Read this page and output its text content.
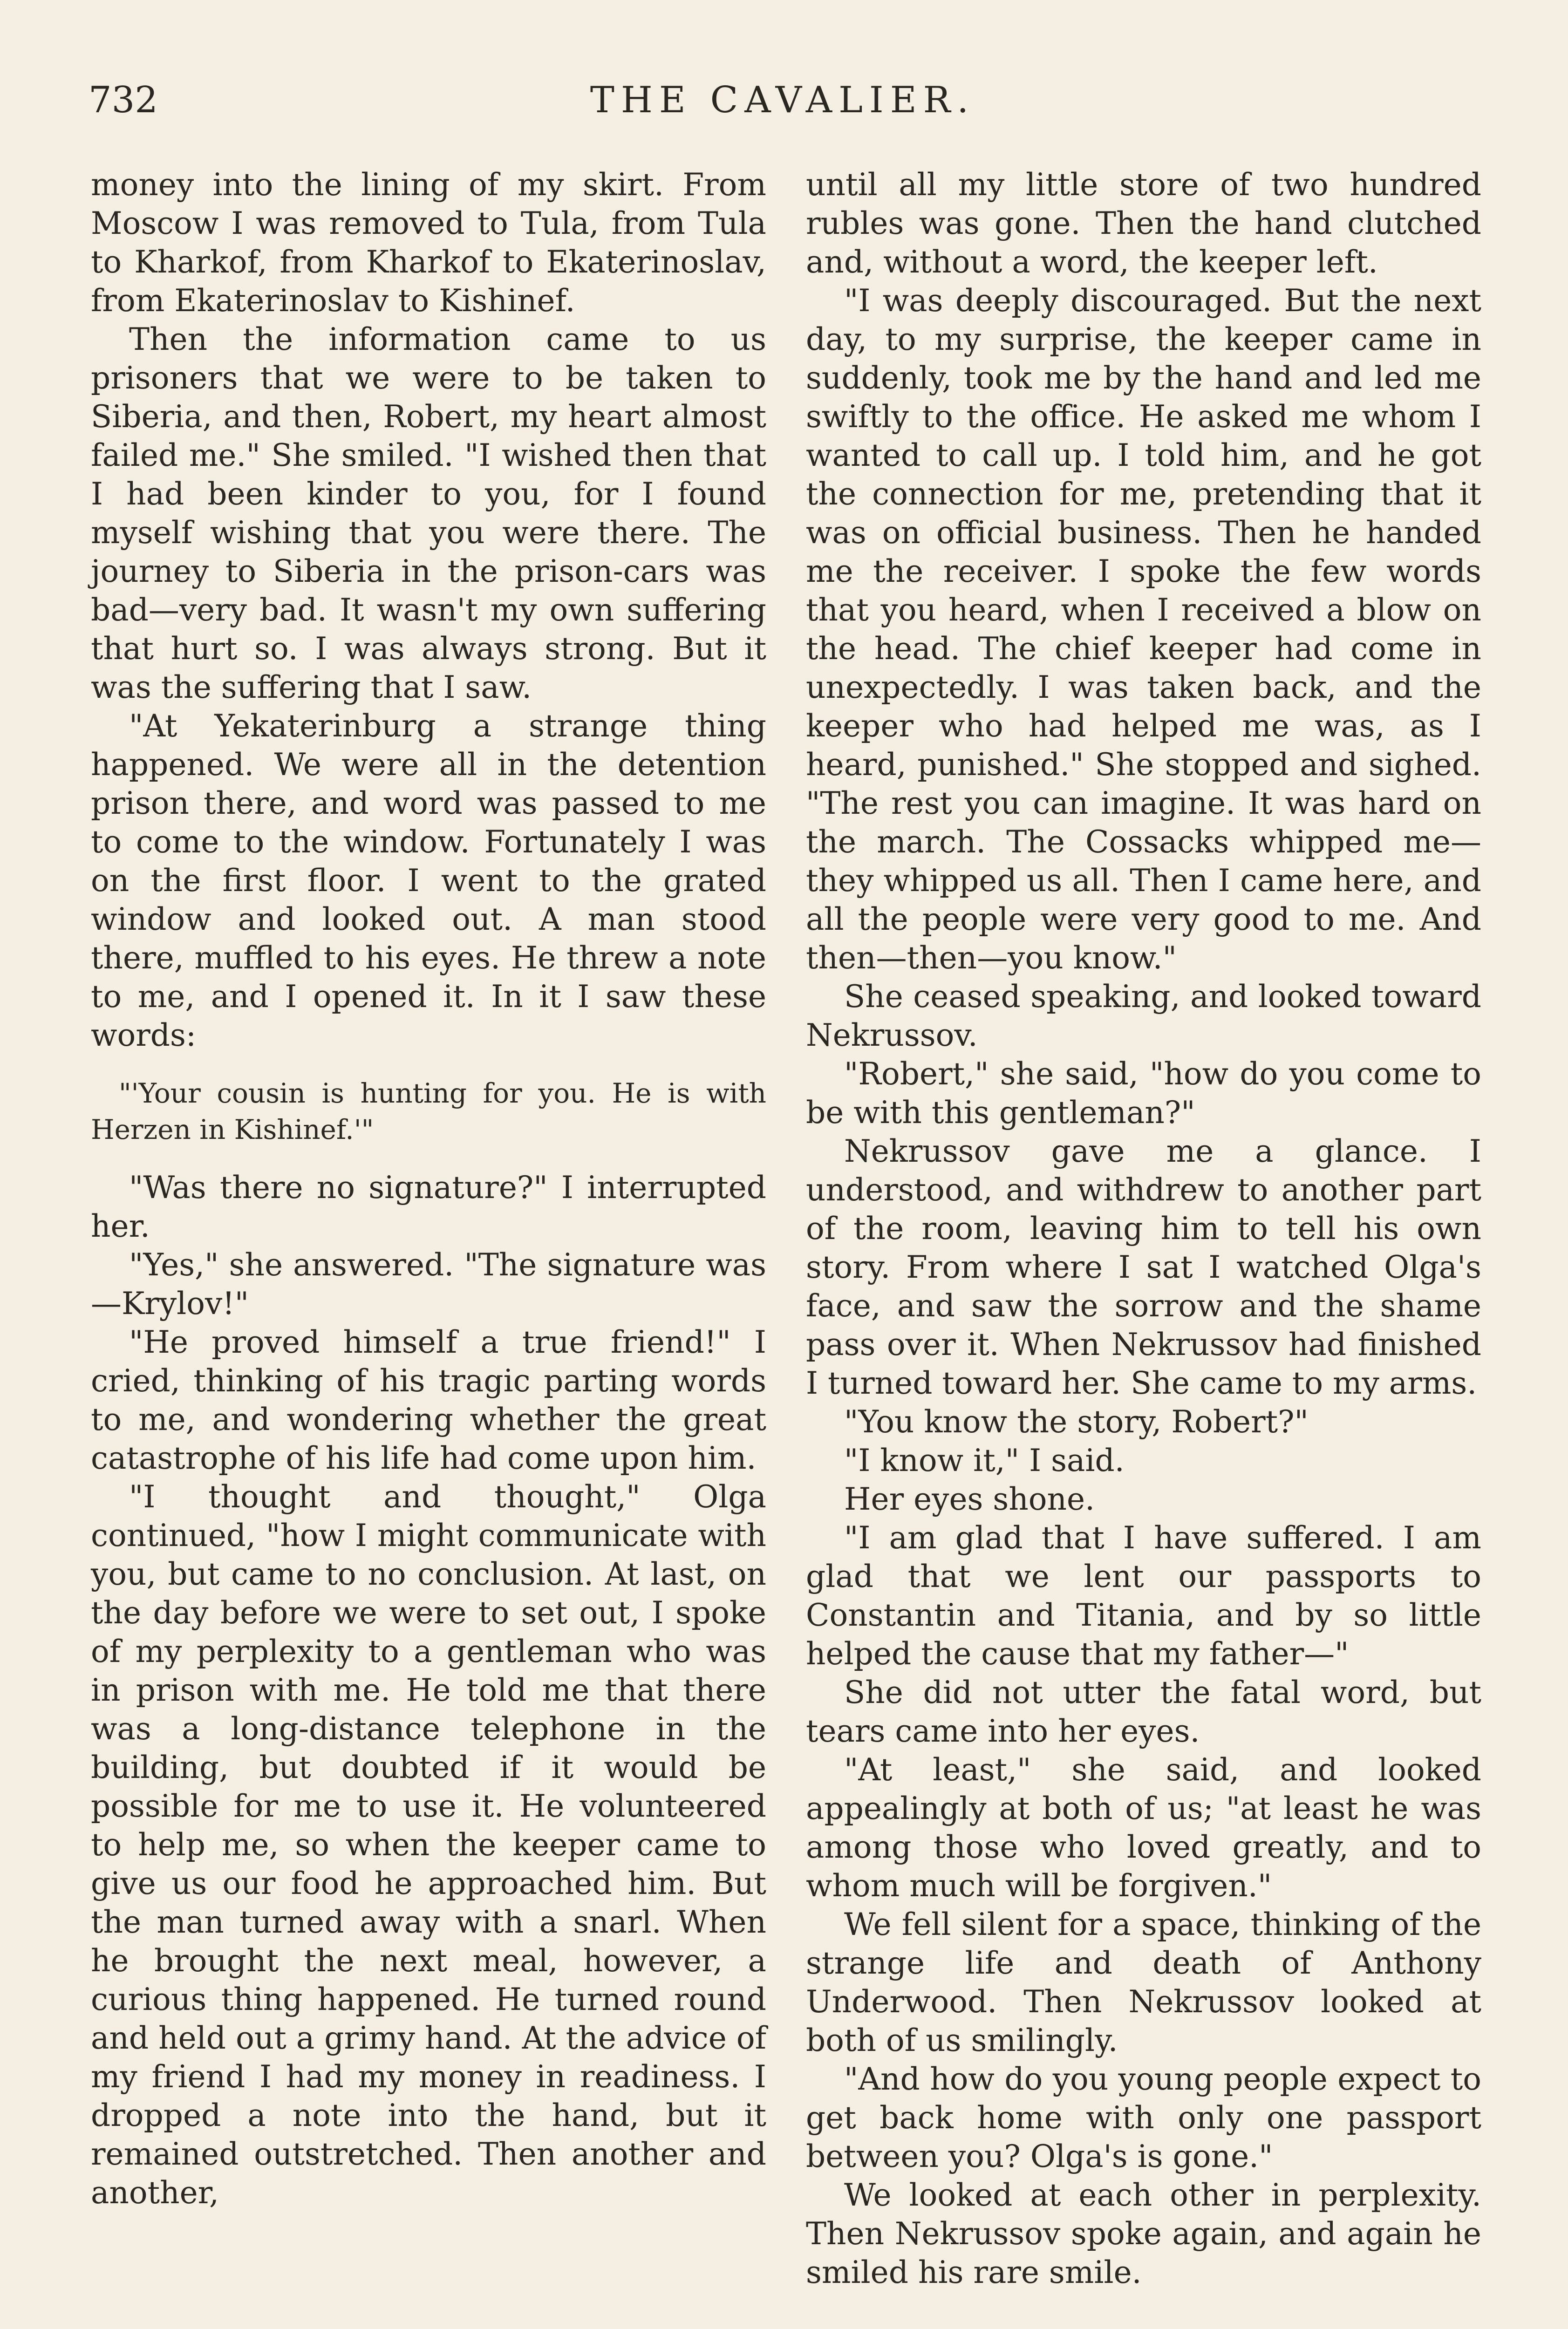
732	THE CAVALIER.

money into the lining of my skirt. From Moscow I was removed to Tula, from Tula to Kharkof, from Kharkof to Ekaterinoslav, from Ekaterinoslav to Kishinef.

Then the information came to us prisoners that we were to be taken to Siberia, and then, Robert, my heart almost failed me." She smiled. "I wished then that I had been kinder to you, for I found myself wishing that you were there. The journey to Siberia in the prison-cars was bad—very bad. It wasn't my own suffering that hurt so. I was always strong. But it was the suffering that I saw.

"At Yekaterinburg a strange thing happened. We were all in the detention prison there, and word was passed to me to come to the window. Fortunately I was on the first floor. I went to the grated window and looked out. A man stood there, muffled to his eyes. He threw a note to me, and I opened it. In it I saw these words:

"'Your cousin is hunting for you. He is with Herzen in Kishinef.'"

"Was there no signature?" I interrupted her.

"Yes," she answered. "The signature was—Krylov!"

"He proved himself a true friend!" I cried, thinking of his tragic parting words to me, and wondering whether the great catastrophe of his life had come upon him.

"I thought and thought," Olga continued, "how I might communicate with you, but came to no conclusion. At last, on the day before we were to set out, I spoke of my perplexity to a gentleman who was in prison with me. He told me that there was a long-distance telephone in the building, but doubted if it would be possible for me to use it. He volunteered to help me, so when the keeper came to give us our food he approached him. But the man turned away with a snarl. When he brought the next meal, however, a curious thing happened. He turned round and held out a grimy hand. At the advice of my friend I had my money in readiness. I dropped a note into the hand, but it remained outstretched. Then another and another,

until all my little store of two hundred rubles was gone. Then the hand clutched and, without a word, the keeper left.

"I was deeply discouraged. But the next day, to my surprise, the keeper came in suddenly, took me by the hand and led me swiftly to the office. He asked me whom I wanted to call up. I told him, and he got the connection for me, pretending that it was on official business. Then he handed me the receiver. I spoke the few words that you heard, when I received a blow on the head. The chief keeper had come in unexpectedly. I was taken back, and the keeper who had helped me was, as I heard, punished." She stopped and sighed. "The rest you can imagine. It was hard on the march. The Cossacks whipped me—they whipped us all. Then I came here, and all the people were very good to me. And then—then—you know."

She ceased speaking, and looked toward Nekrussov.

"Robert," she said, "how do you come to be with this gentleman?"

Nekrussov gave me a glance. I understood, and withdrew to another part of the room, leaving him to tell his own story. From where I sat I watched Olga's face, and saw the sorrow and the shame pass over it. When Nekrussov had finished I turned toward her. She came to my arms.

"You know the story, Robert?"

"I know it," I said.

Her eyes shone.

"I am glad that I have suffered. I am glad that we lent our passports to Constantin and Titania, and by so little helped the cause that my father—"

She did not utter the fatal word, but tears came into her eyes.

"At least," she said, and looked appealingly at both of us; "at least he was among those who loved greatly, and to whom much will be forgiven."

We fell silent for a space, thinking of the strange life and death of Anthony Underwood. Then Nekrussov looked at both of us smilingly.

"And how do you young people expect to get back home with only one passport between you? Olga's is gone."

We looked at each other in perplexity. Then Nekrussov spoke again, and again he smiled his rare smile.
